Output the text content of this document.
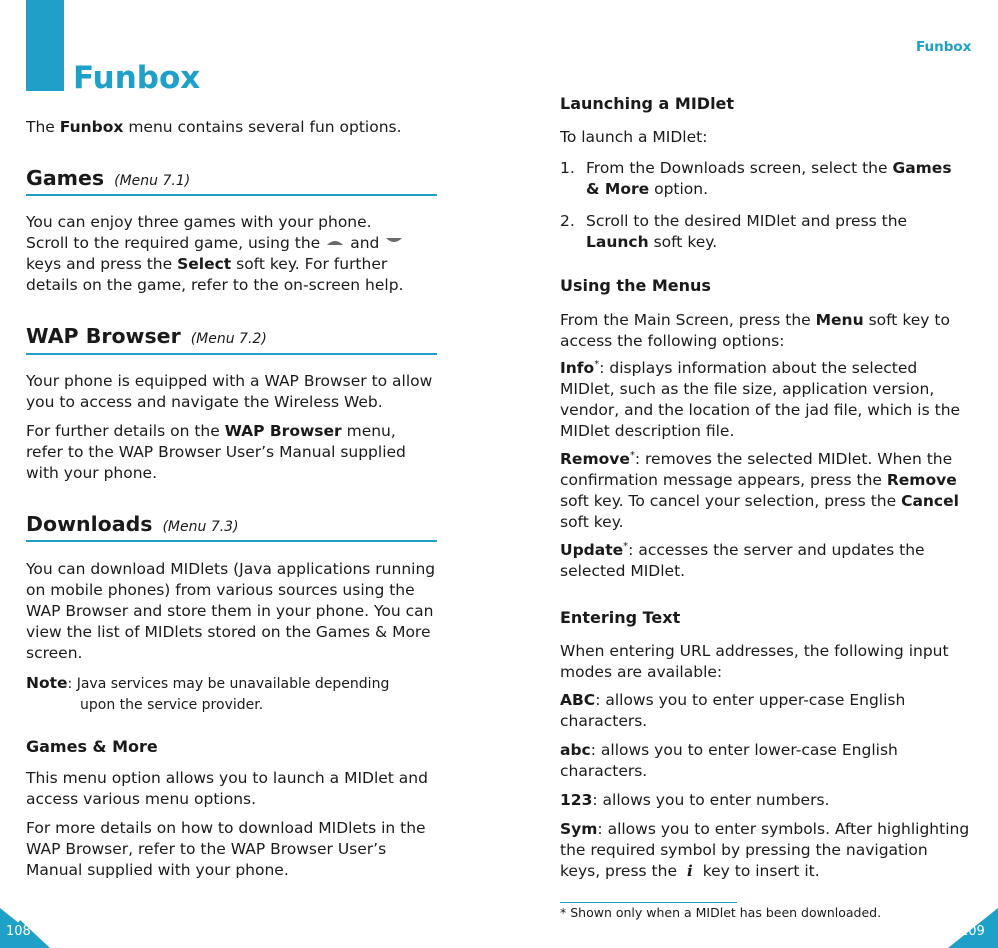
Funbox

The Funbox menu contains several fun options.

Games (Menu 7.1)
You can enjoy three games with your phone.
Scroll to the required game, using the and
keys and press the Select soft key. For further
details on the game, refer to the on-screen help.
WAP Browser (Menu 7.2)

Your phone is equipped with a WAP Browser to allow you to access and navigate the Wireless Web.

For further details on the WAP Browser menu, refer to the WAP Browser User’s Manual supplied with your phone.

Downloads (Menu 7.3)

You can download MIDlets (Java applications running on mobile phones) from various sources using the WAP Browser and store them in your phone. You can view the list of MIDlets stored on the Games & More screen.

Note: Java services may be unavailable depending
upon the service provider.
Games & More

This menu option allows you to launch a MIDlet and access various menu options.

For more details on how to download MIDlets in the WAP Browser, refer to the WAP Browser User’s Manual supplied with your phone.

108
Funbox
Launching a MIDlet

To launch a MIDlet:

1. From the Downloads screen, select the Games & More option.
2. Scroll to the desired MIDlet and press the Launch soft key.
Using the Menus

From the Main Screen, press the Menu soft key to access the following options:

Info*: displays information about the selected MIDlet, such as the file size, application version, vendor, and the location of the jad file, which is the MIDlet description file.

Remove*: removes the selected MIDlet. When the confirmation message appears, press the Remove soft key. To cancel your selection, press the Cancel soft key.

Update*: accesses the server and updates the selected MIDlet.

Entering Text

When entering URL addresses, the following input modes are available:

ABC: allows you to enter upper-case English characters.

abc: allows you to enter lower-case English characters.

123: allows you to enter numbers.

Sym: allows you to enter symbols. After highlighting the required symbol by pressing the navigation keys, press the i key to insert it.

* Shown only when a MIDlet has been downloaded.
109
